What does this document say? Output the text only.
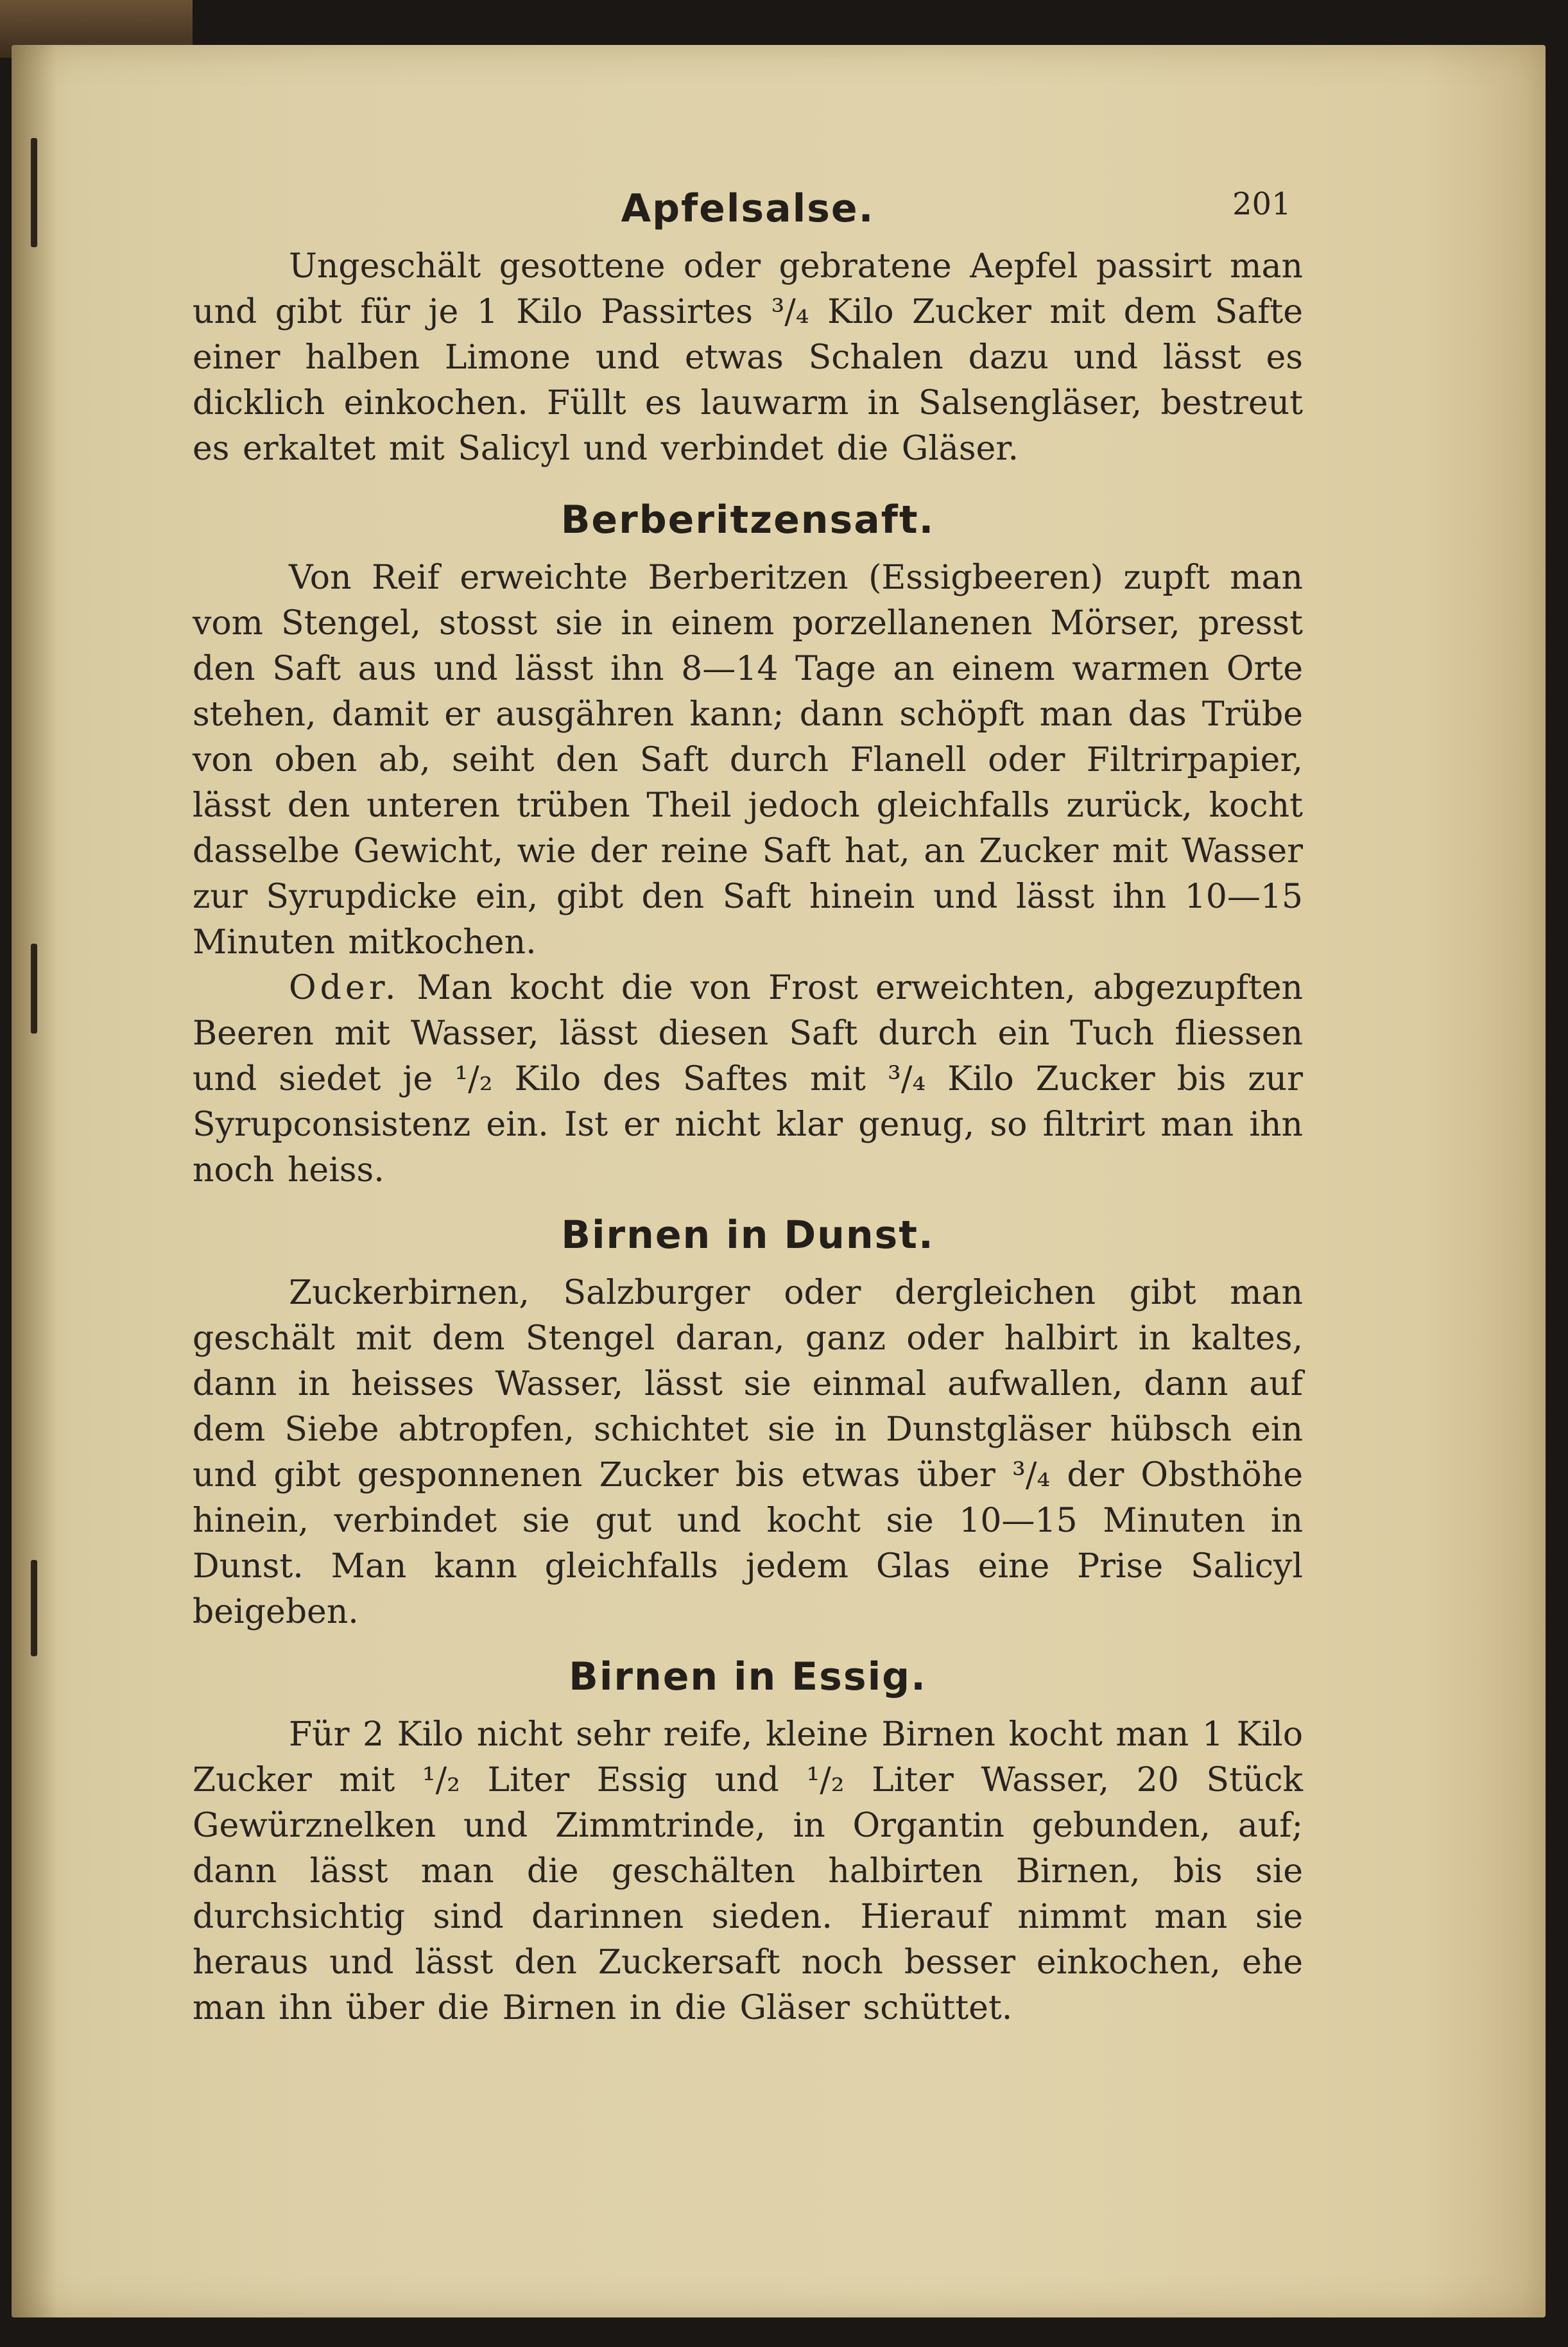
201
Apfelsalse.

Ungeschält gesottene oder gebratene Aepfel passirt man und gibt für je 1 Kilo Passirtes ³/₄ Kilo Zucker mit dem Safte einer halben Limone und etwas Schalen dazu und lässt es dicklich einkochen. Füllt es lauwarm in Salsengläser, bestreut es erkaltet mit Salicyl und verbindet die Gläser.

Berberitzensaft.

Von Reif erweichte Berberitzen (Essigbeeren) zupft man vom Stengel, stosst sie in einem porzellanenen Mörser, presst den Saft aus und lässt ihn 8—14 Tage an einem warmen Orte stehen, damit er ausgähren kann; dann schöpft man das Trübe von oben ab, seiht den Saft durch Flanell oder Filtrirpapier, lässt den unteren trüben Theil jedoch gleichfalls zurück, kocht dasselbe Gewicht, wie der reine Saft hat, an Zucker mit Wasser zur Syrupdicke ein, gibt den Saft hinein und lässt ihn 10—15 Minuten mitkochen.

Oder. Man kocht die von Frost erweichten, abgezupften Beeren mit Wasser, lässt diesen Saft durch ein Tuch fliessen und siedet je ¹/₂ Kilo des Saftes mit ³/₄ Kilo Zucker bis zur Syrupconsistenz ein. Ist er nicht klar genug, so filtrirt man ihn noch heiss.

Birnen in Dunst.

Zuckerbirnen, Salzburger oder dergleichen gibt man geschält mit dem Stengel daran, ganz oder halbirt in kaltes, dann in heisses Wasser, lässt sie einmal aufwallen, dann auf dem Siebe abtropfen, schichtet sie in Dunstgläser hübsch ein und gibt gesponnenen Zucker bis etwas über ³/₄ der Obsthöhe hinein, verbindet sie gut und kocht sie 10—15 Minuten in Dunst. Man kann gleichfalls jedem Glas eine Prise Salicyl beigeben.

Birnen in Essig.

Für 2 Kilo nicht sehr reife, kleine Birnen kocht man 1 Kilo Zucker mit ¹/₂ Liter Essig und ¹/₂ Liter Wasser, 20 Stück Gewürznelken und Zimmtrinde, in Organtin gebunden, auf; dann lässt man die geschälten halbirten Birnen, bis sie durchsichtig sind darinnen sieden. Hierauf nimmt man sie heraus und lässt den Zuckersaft noch besser einkochen, ehe man ihn über die Birnen in die Gläser schüttet.
